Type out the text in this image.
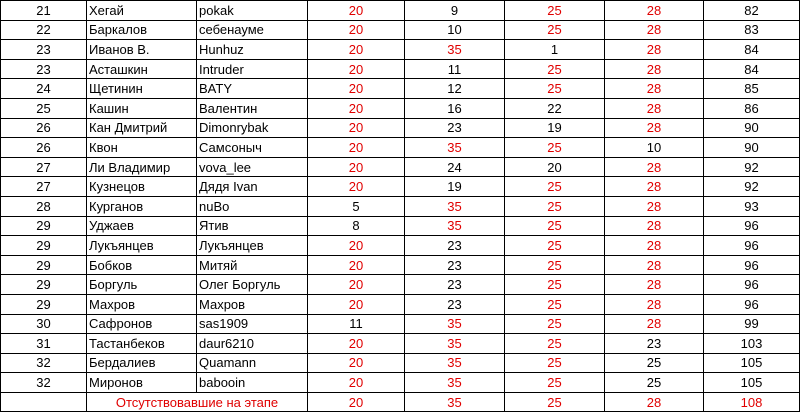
21	Хегай	pokak	20	9	25	28	82
22	Баркалов	себенауме	20	10	25	28	83
23	Иванов В.	Hunhuz	20	35	1	28	84
23	Асташкин	Intruder	20	11	25	28	84
24	Щетинин	BATY	20	12	25	28	85
25	Кашин	Валентин	20	16	22	28	86
26	Кан Дмитрий	Dimonrybak	20	23	19	28	90
26	Квон	Самсоныч	20	35	25	10	90
27	Ли Владимир	vova_lee	20	24	20	28	92
27	Кузнецов	Дядя Ivan	20	19	25	28	92
28	Курганов	nuBo	5	35	25	28	93
29	Уджаев	Ятив	8	35	25	28	96
29	Лукъянцев	Лукъянцев	20	23	25	28	96
29	Бобков	Митяй	20	23	25	28	96
29	Боргуль	Олег Боргуль	20	23	25	28	96
29	Махров	Махров	20	23	25	28	96
30	Сафронов	sas1909	11	35	25	28	99
31	Тастанбеков	daur6210	20	35	25	23	103
32	Бердалиев	Quamann	20	35	25	25	105
32	Миронов	babooin	20	35	25	25	105
	Отсутствовавшие на этапе		20	35	25	28	108
